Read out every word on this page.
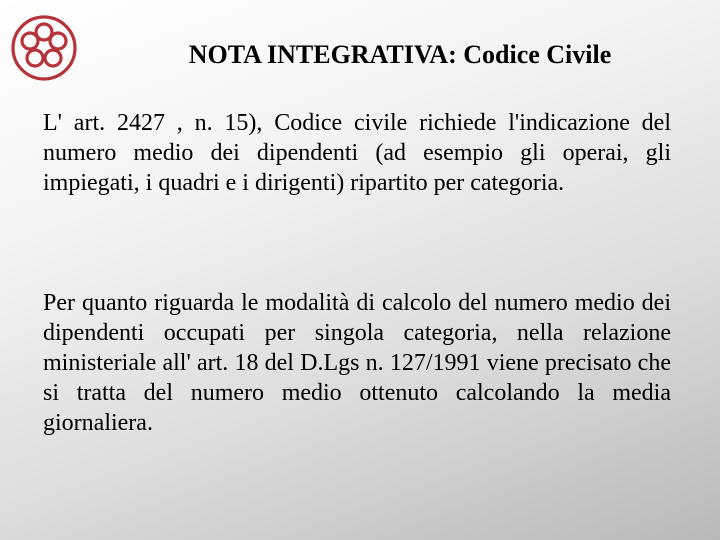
NOTA INTEGRATIVA: Codice Civile
L' art. 2427 , n. 15), Codice civile richiede l'indicazione del numero medio dei dipendenti (ad esempio gli operai, gli impiegati, i quadri e i dirigenti) ripartito per categoria.
Per quanto riguarda le modalità di calcolo del numero medio dei dipendenti occupati per singola categoria, nella relazione ministeriale all' art. 18 del D.Lgs n. 127/1991 viene precisato che si tratta del numero medio ottenuto calcolando la media giornaliera.
